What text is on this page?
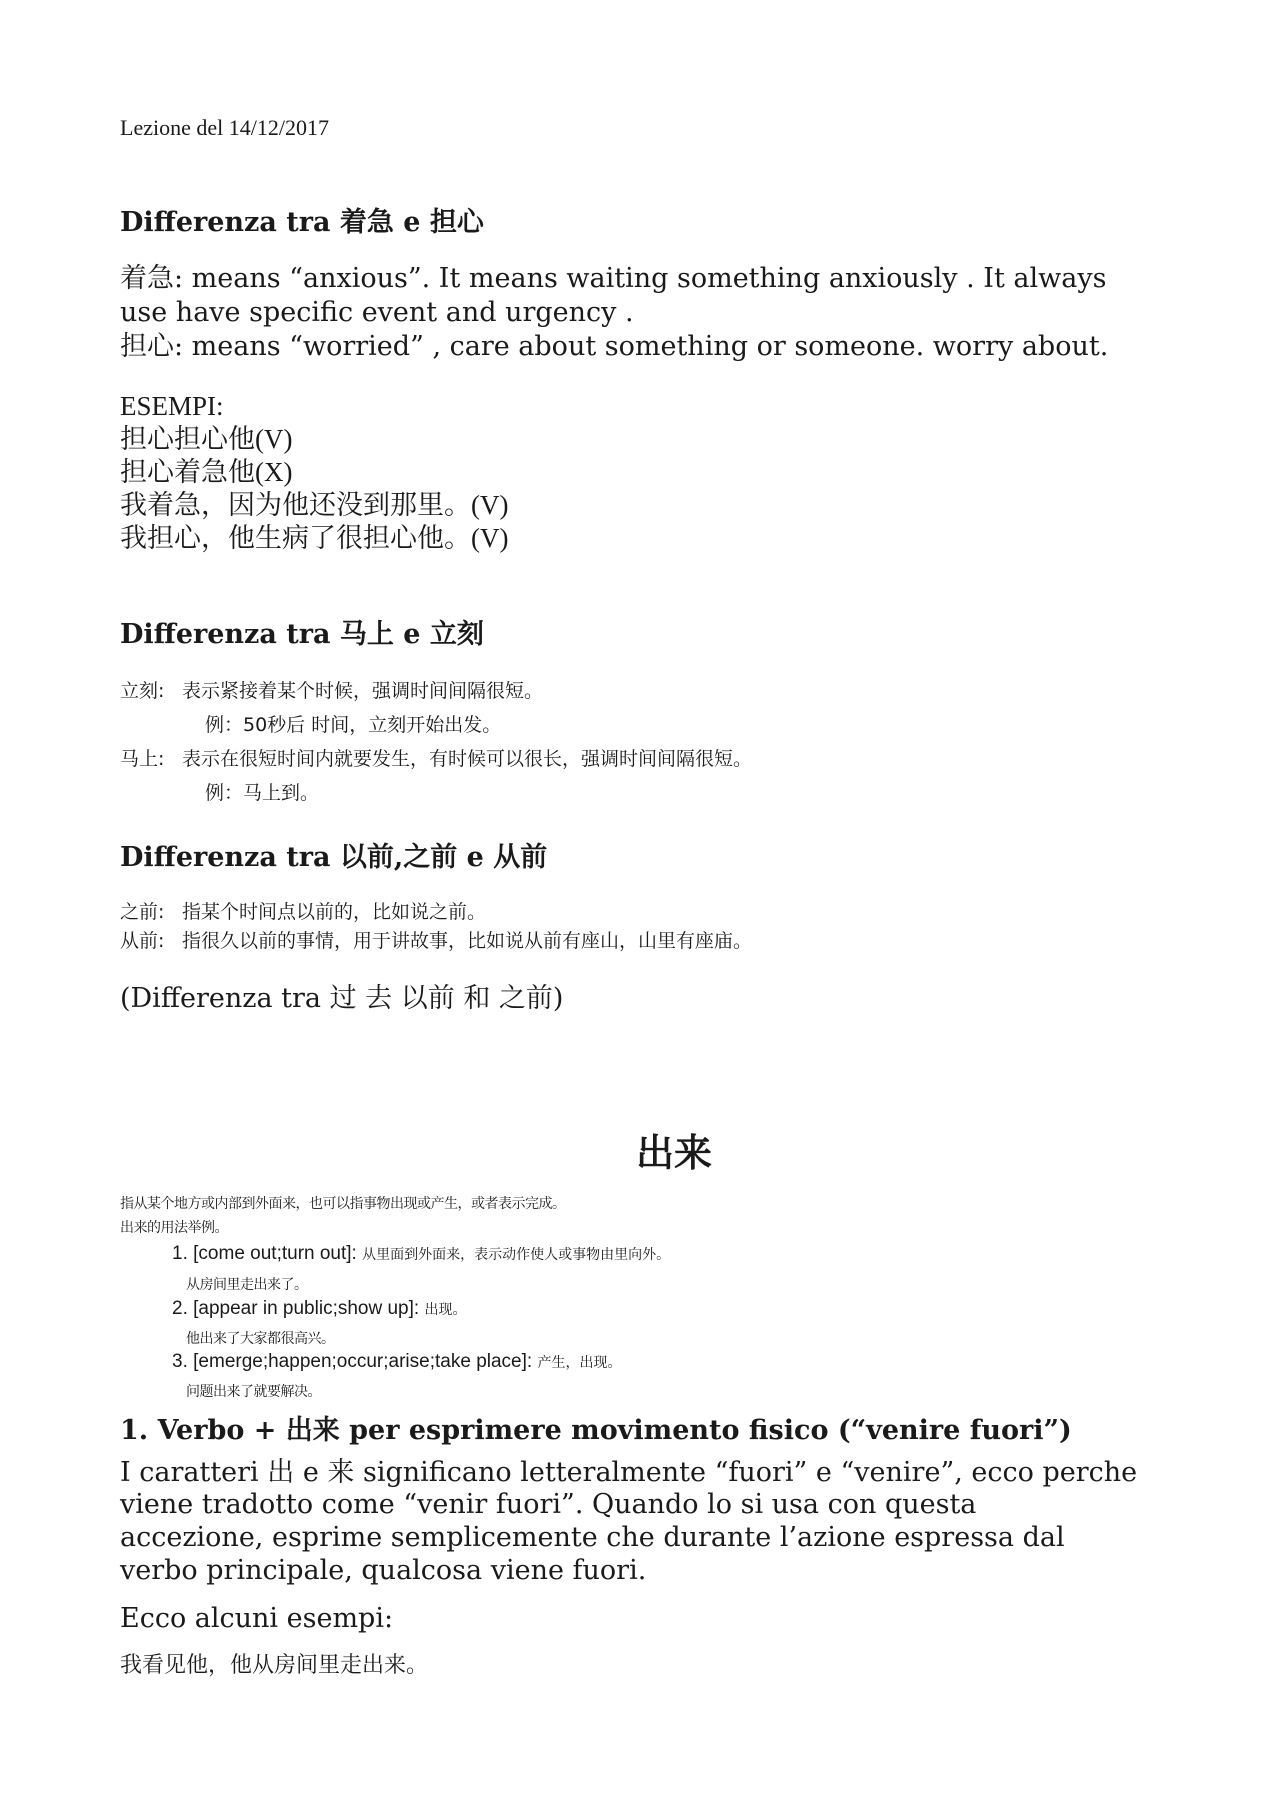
Lezione del 14/12/2017
Differenza tra 着急 e 担心
着急: means “anxious”. It means waiting something anxiously . It always
use have specific event and urgency .
担心: means “worried” , care about something or someone. worry about.
ESEMPI:
担心担心他(V)
担心着急他(X)
我着急，因为他还没到那里。(V)
我担心，他生病了很担心他。(V)
Differenza tra 马上 e 立刻
立刻: 表示紧接着某个时候，强调时间间隔很短。
例：50秒后 时间，立刻开始出发。
马上: 表示在很短时间内就要发生，有时候可以很长，强调时间间隔很短。
例：马上到。
Differenza tra 以前,之前 e 从前
之前: 指某个时间点以前的，比如说之前。
从前: 指很久以前的事情，用于讲故事，比如说从前有座山，山里有座庙。
(Differenza tra 过 去 以前 和 之前)
出来
指从某个地方或内部到外面来，也可以指事物出现或产生，或者表示完成。
出来的用法举例。
1. [come out;turn out]: 从里面到外面来，表示动作使人或事物由里向外。
从房间里走出来了。
2. [appear in public;show up]: 出现。
他出来了大家都很高兴。
3. [emerge;happen;occur;arise;take place]: 产生，出现。
问题出来了就要解决。
1. Verbo + 出来 per esprimere movimento fisico (“venire fuori”)
I caratteri 出 e 来 significano letteralmente “fuori” e “venire”, ecco perche
viene tradotto come “venir fuori”. Quando lo si usa con questa
accezione, esprime semplicemente che durante l’azione espressa dal
verbo principale, qualcosa viene fuori.
Ecco alcuni esempi:
我看见他，他从房间里走出来。
